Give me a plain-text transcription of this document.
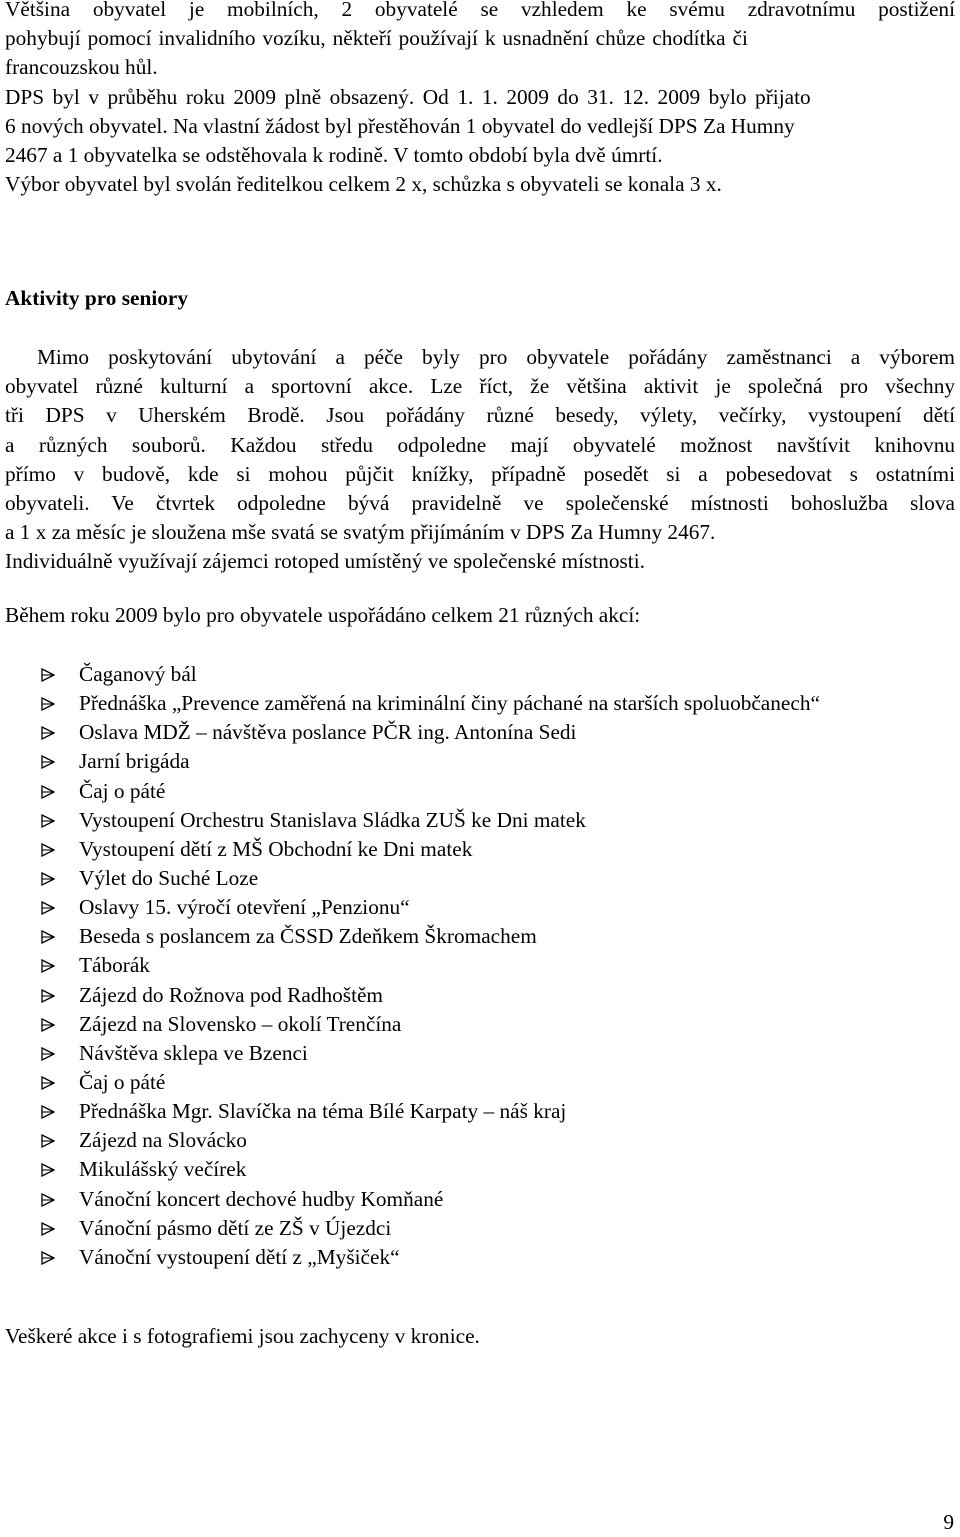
Většina obyvatel je mobilních, 2 obyvatelé se vzhledem ke svému zdravotnímu postižení
pohybují pomocí invalidního vozíku, někteří používají k usnadnění chůze chodítka či
francouzskou hůl.
DPS byl v průběhu roku 2009 plně obsazený. Od 1. 1. 2009 do 31. 12. 2009 bylo přijato
6 nových obyvatel. Na vlastní žádost byl přestěhován 1 obyvatel do vedlejší DPS Za Humny
2467 a 1 obyvatelka se odstěhovala k rodině. V tomto období byla dvě úmrtí.
Výbor obyvatel byl svolán ředitelkou celkem 2 x, schůzka s obyvateli se konala 3 x.
Aktivity pro seniory
Mimo poskytování ubytování a péče byly pro obyvatele pořádány zaměstnanci a výborem
obyvatel různé kulturní a sportovní akce. Lze říct, že většina aktivit je společná pro všechny
tři DPS v Uherském Brodě. Jsou pořádány různé besedy, výlety, večírky, vystoupení dětí
a různých souborů. Každou středu odpoledne mají obyvatelé možnost navštívit knihovnu
přímo v budově, kde si mohou půjčit knížky, případně posedět si a pobesedovat s ostatními
obyvateli. Ve čtvrtek odpoledne bývá pravidelně ve společenské místnosti bohoslužba slova
a 1 x za měsíc je sloužena mše svatá se svatým přijímáním v DPS Za Humny 2467.
Individuálně využívají zájemci rotoped umístěný ve společenské místnosti.
Během roku 2009 bylo pro obyvatele uspořádáno celkem 21 různých akcí:
Čaganový bál
Přednáška „Prevence zaměřená na kriminální činy páchané na starších spoluobčanech“
Oslava MDŽ – návštěva poslance PČR ing. Antonína Sedi
Jarní brigáda
Čaj o páté
Vystoupení Orchestru Stanislava Sládka ZUŠ ke Dni matek
Vystoupení dětí z MŠ Obchodní ke Dni matek
Výlet do Suché Loze
Oslavy 15. výročí otevření „Penzionu“
Beseda s poslancem za ČSSD Zdeňkem Škromachem
Táborák
Zájezd do Rožnova pod Radhoštěm
Zájezd na Slovensko – okolí Trenčína
Návštěva sklepa ve Bzenci
Čaj o páté
Přednáška Mgr. Slavíčka na téma Bílé Karpaty – náš kraj
Zájezd na Slovácko
Mikulášský večírek
Vánoční koncert dechové hudby Komňané
Vánoční pásmo dětí ze ZŠ v Újezdci
Vánoční vystoupení dětí z „Myšiček“
Veškeré akce i s fotografiemi jsou zachyceny v kronice.
9
